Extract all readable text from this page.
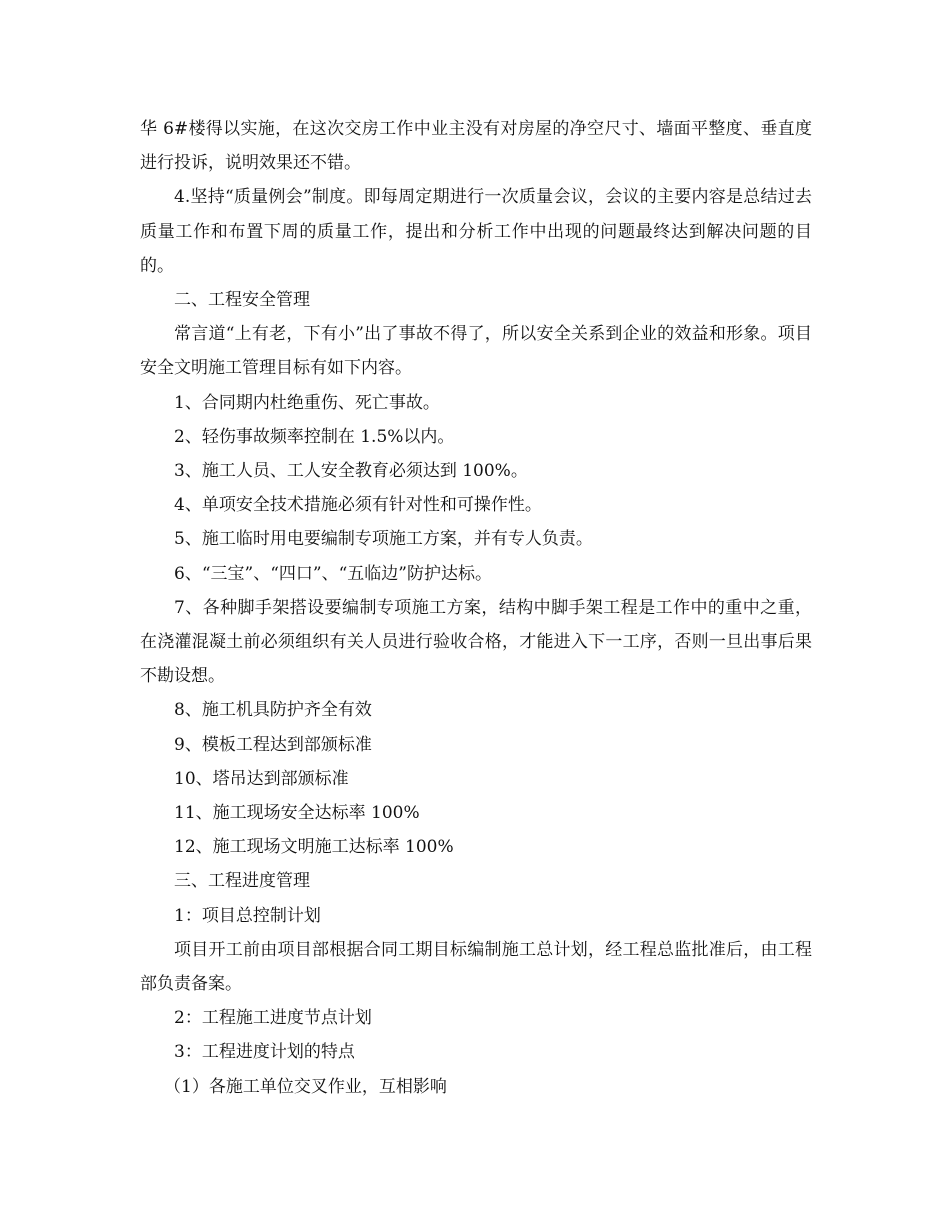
华 6#楼得以实施，在这次交房工作中业主没有对房屋的净空尺寸、墙面平整度、垂直度进行投诉，说明效果还不错。

4.坚持“质量例会”制度。即每周定期进行一次质量会议，会议的主要内容是总结过去质量工作和布置下周的质量工作，提出和分析工作中出现的问题最终达到解决问题的目的。

二、工程安全管理

常言道“上有老，下有小”出了事故不得了，所以安全关系到企业的效益和形象。项目安全文明施工管理目标有如下内容。

1、合同期内杜绝重伤、死亡事故。

2、轻伤事故频率控制在 1.5%以内。

3、施工人员、工人安全教育必须达到 100%。

4、单项安全技术措施必须有针对性和可操作性。

5、施工临时用电要编制专项施工方案，并有专人负责。

6、“三宝”、“四口”、“五临边”防护达标。

7、各种脚手架搭设要编制专项施工方案，结构中脚手架工程是工作中的重中之重，在浇灌混凝土前必须组织有关人员进行验收合格，才能进入下一工序，否则一旦出事后果不勘设想。

8、施工机具防护齐全有效

9、模板工程达到部颁标准

10、塔吊达到部颁标准

11、施工现场安全达标率 100%

12、施工现场文明施工达标率 100%

三、工程进度管理

1：项目总控制计划

项目开工前由项目部根据合同工期目标编制施工总计划，经工程总监批准后，由工程部负责备案。

2：工程施工进度节点计划

3：工程进度计划的特点

（1）各施工单位交叉作业，互相影响
